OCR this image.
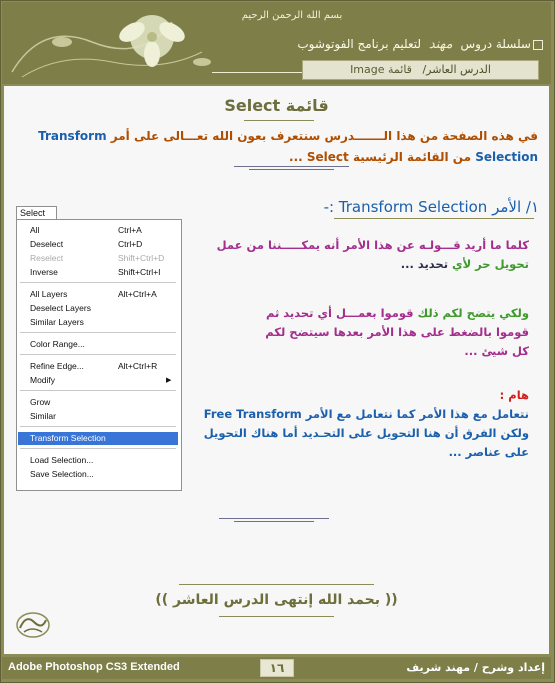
بسم الله الرحمن الرحيم
سلسلة دروس مهند لتعليم برنامج الفوتوشوب
الدرس العاشر/   قائمة Image
قائمة Select
في هذه الصفحة من هذا الـــــــدرس سنتعرف بعون الله تعـــالى على أمر Transform Selection من القائمة الرئيسية Select ...
Select
All	Ctrl+A
Deselect	Ctrl+D
Reselect	Shift+Ctrl+D
Inverse	Shift+Ctrl+I
All Layers	Alt+Ctrl+A
Deselect Layers
Similar Layers
Color Range...
Refine Edge...	Alt+Ctrl+R
Modify	▶
Grow
Similar
Transform Selection
Load Selection...
Save Selection...
١/ الأمر Transform Selection :-
كلما ما أريد قـــولـه عن هذا الأمر أنه يمكـــــننا من عمل
تحويل حر لأي تحديد ...
ولكي يتضح لكم ذلك قوموا بعمـــل أي تحديد ثم
قوموا بالضغط على هذا الأمر بعدها سيتضح لكم
كل شيئ ...
هام :
نتعامل مع هذا الأمر كما نتعامل مع الأمر Free Transform
ولكن الفرق أن هنا التحويل على التحـديد أما هناك التحويل
على عناصر ...
(( بحمد الله إنتهى الدرس العاشر ))
Adobe Photoshop CS3 Extended	١٦	إعداد وشرح / مهند شريف
